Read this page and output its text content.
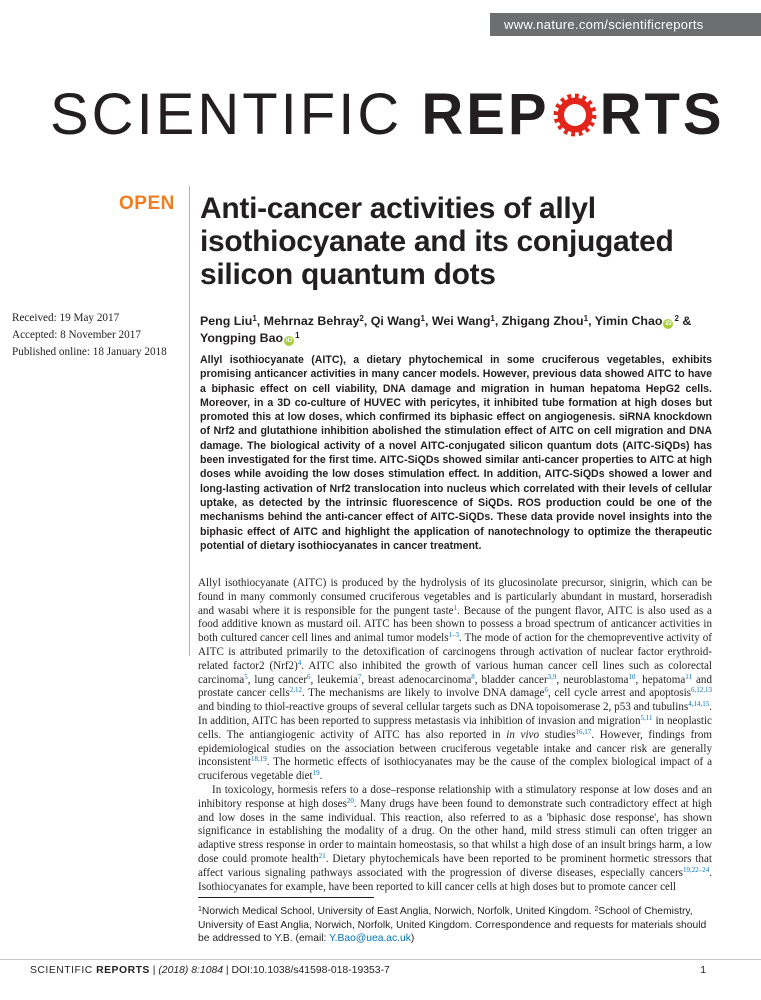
www.nature.com/scientificreports
SCIENTIFIC REP RTS
OPEN Anti-cancer activities of allyl isothiocyanate and its conjugated silicon quantum dots
Received: 19 May 2017
Accepted: 8 November 2017
Published online: 18 January 2018
Peng Liu$^1$, Mehrnaz Behray$^2$, Qi Wang$^1$, Wei Wang$^1$, Zhigang Zhou$^1$, Yimin Chao $iD^2$ & Yongping Bao $iD^1$

Allyl isothiocyanate (AITC), a dietary phytochemical in some cruciferous vegetables, exhibits promising anticancer activities in many cancer models. However, previous data showed AITC to have a biphasic effect on cell viability, DNA damage and migration in human hepatoma HepG2 cells. Moreover, in a 3D co-culture of HUVEC with pericytes, it inhibited tube formation at high doses but promoted this at low doses, which confirmed its biphasic effect on angiogenesis. siRNA knockdown of Nrf2 and glutathione inhibition abolished the stimulation effect of AITC on cell migration and DNA damage. The biological activity of a novel AITC-conjugated silicon quantum dots (AITC-SiQDs) has been investigated for the first time. AITC-SiQDs showed similar anti-cancer properties to AITC at high doses while avoiding the low doses stimulation effect. In addition, AITC-SiQDs showed a lower and long-lasting activation of Nrf2 translocation into nucleus which correlated with their levels of cellular uptake, as detected by the intrinsic fluorescence of SiQDs. ROS production could be one of the mechanisms behind the anti-cancer effect of AITC-SiQDs. These data provide novel insights into the biphasic effect of AITC and highlight the application of nanotechnology to optimize the therapeutic potential of dietary isothiocyanates in cancer treatment.

Allyl isothiocyanate (AITC) is produced by the hydrolysis of its glucosinolate precursor, sinigrin, which can be found in many commonly consumed cruciferous vegetables and is particularly abundant in mustard, horseradish and wasabi where it is responsible for the pungent taste$^1$. Because of the pungent flavor, AITC is also used as a food additive known as mustard oil. AITC has been shown to possess a broad spectrum of anticancer activities in both cultured cancer cell lines and animal tumor models$^{1-3}$. The mode of action for the chemopreventive activity of AITC is attributed primarily to the detoxification of carcinogens through activation of nuclear factor erythroid-related factor2 $(Nrf2)^4$. AITC also inhibited the growth of various human cancer cell lines such as colorectal carcinoma$^5$, lung cancer$^6$, leukemia$^7$, breast adenocarcinoma$^8$, bladder cancer$^{3,9}$, neuroblastoma$^{10}$, hepatoma$^{11}$ and prostate cancer cells$^{2,12}$. The mechanisms are likely to involve DNA damage$^6$, cell cycle arrest and apoptosis$^{6,12,13}$ and binding to thiol-reactive groups of several cellular targets such as DNA topoisomerase 2, p53 and tubulins$^{4,14,15}$. In addition, AITC has been reported to suppress metastasis via inhibition of invasion and migration$^{5,11}$ in neoplastic cells. The antiangiogenic activity of AITC has also reported in in vivo studies$^{16,17}$. However, findings from epidemiological studies on the association between cruciferous vegetable intake and cancer risk are generally inconsistent$^{18,19}$. The hormetic effects of isothiocyanates may be the cause of the complex biological impact of a cruciferous vegetable diet$^{19}$.

In toxicology, hormesis refers to a dose–response relationship with a stimulatory response at low doses and an inhibitory response at high doses$^{20}$. Many drugs have been found to demonstrate such contradictory effect at high and low doses in the same individual. This reaction, also referred to as a 'biphasic dose response', has shown significance in establishing the modality of a drug. On the other hand, mild stress stimuli can often trigger an adaptive stress response in order to maintain homeostasis, so that whilst a high dose of an insult brings harm, a low dose could promote health$^{21}$. Dietary phytochemicals have been reported to be prominent hormetic stressors that affect various signaling pathways associated with the progression of diverse diseases, especially cancers$^{19,22-24}$. Isothiocyanates for example, have been reported to kill cancer cells at high doses but to promote cancer cell

$^1$Norwich Medical School, University of East Anglia, Norwich, Norfolk, United Kingdom. $^2$School of Chemistry, University of East Anglia, Norwich, Norfolk, United Kingdom. Correspondence and requests for materials should be addressed to Y.B. (email: Y.Bao@uea.ac.uk)

SCIENTIFIC REPORTS | (2018) 8:1084 | DOI:10.1038/s41598-018-19353-7	1
